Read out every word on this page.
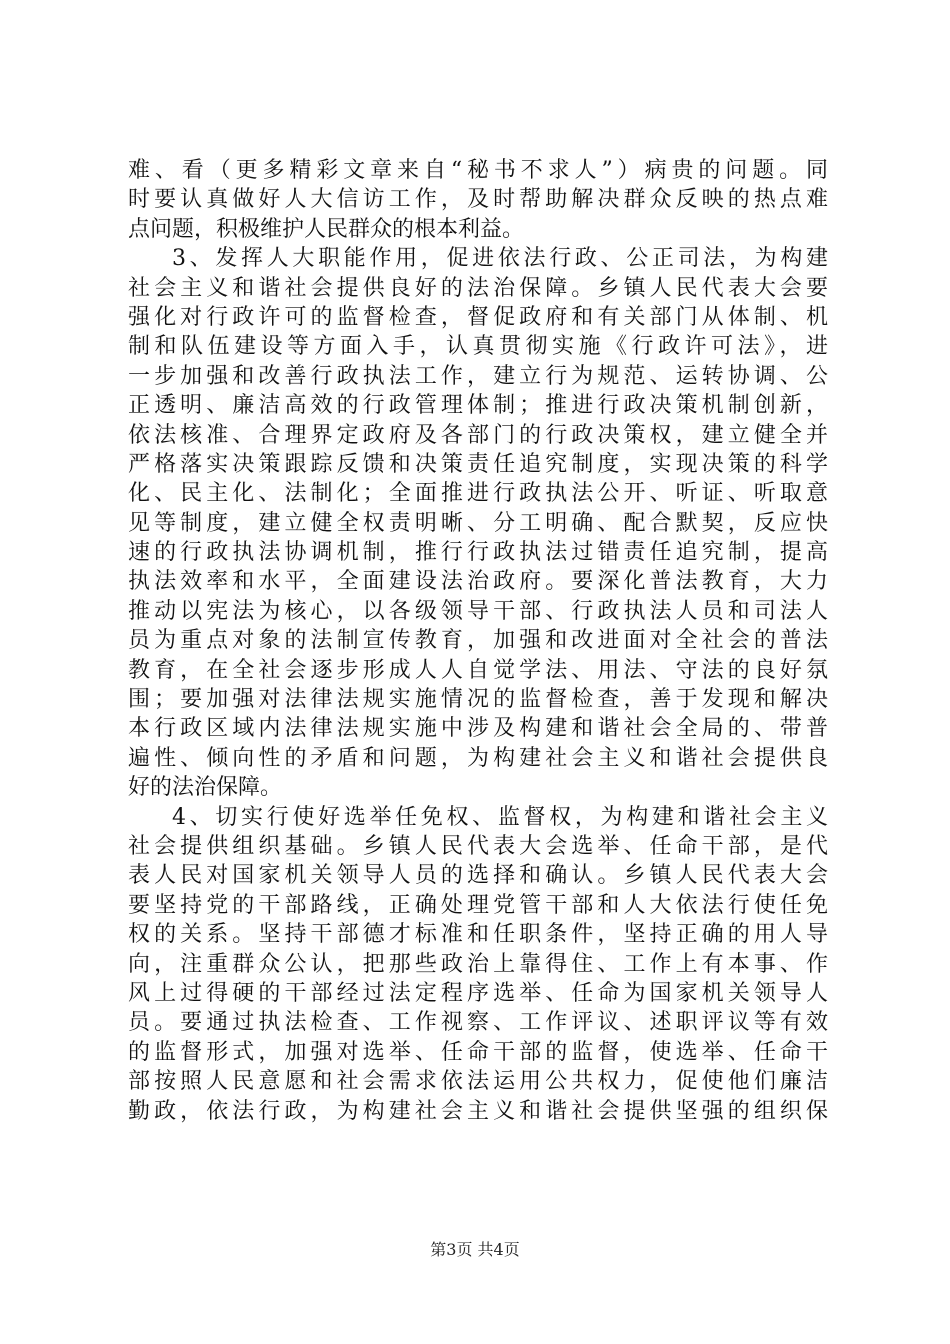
难、看（更多精彩文章来自“秘书不求人”）病贵的问题。同
时要认真做好人大信访工作，及时帮助解决群众反映的热点难
点问题，积极维护人民群众的根本利益。
3、发挥人大职能作用，促进依法行政、公正司法，为构建
社会主义和谐社会提供良好的法治保障。乡镇人民代表大会要
强化对行政许可的监督检查，督促政府和有关部门从体制、机
制和队伍建设等方面入手，认真贯彻实施《行政许可法》，进
一步加强和改善行政执法工作，建立行为规范、运转协调、公
正透明、廉洁高效的行政管理体制；推进行政决策机制创新，
依法核准、合理界定政府及各部门的行政决策权，建立健全并
严格落实决策跟踪反馈和决策责任追究制度，实现决策的科学
化、民主化、法制化；全面推进行政执法公开、听证、听取意
见等制度，建立健全权责明晰、分工明确、配合默契，反应快
速的行政执法协调机制，推行行政执法过错责任追究制，提高
执法效率和水平，全面建设法治政府。要深化普法教育，大力
推动以宪法为核心，以各级领导干部、行政执法人员和司法人
员为重点对象的法制宣传教育，加强和改进面对全社会的普法
教育，在全社会逐步形成人人自觉学法、用法、守法的良好氛
围；要加强对法律法规实施情况的监督检查，善于发现和解决
本行政区域内法律法规实施中涉及构建和谐社会全局的、带普
遍性、倾向性的矛盾和问题，为构建社会主义和谐社会提供良
好的法治保障。
4、切实行使好选举任免权、监督权，为构建和谐社会主义
社会提供组织基础。乡镇人民代表大会选举、任命干部，是代
表人民对国家机关领导人员的选择和确认。乡镇人民代表大会
要坚持党的干部路线，正确处理党管干部和人大依法行使任免
权的关系。坚持干部德才标准和任职条件，坚持正确的用人导
向，注重群众公认，把那些政治上靠得住、工作上有本事、作
风上过得硬的干部经过法定程序选举、任命为国家机关领导人
员。要通过执法检查、工作视察、工作评议、述职评议等有效
的监督形式，加强对选举、任命干部的监督，使选举、任命干
部按照人民意愿和社会需求依法运用公共权力，促使他们廉洁
勤政，依法行政，为构建社会主义和谐社会提供坚强的组织保
第3页 共4页
